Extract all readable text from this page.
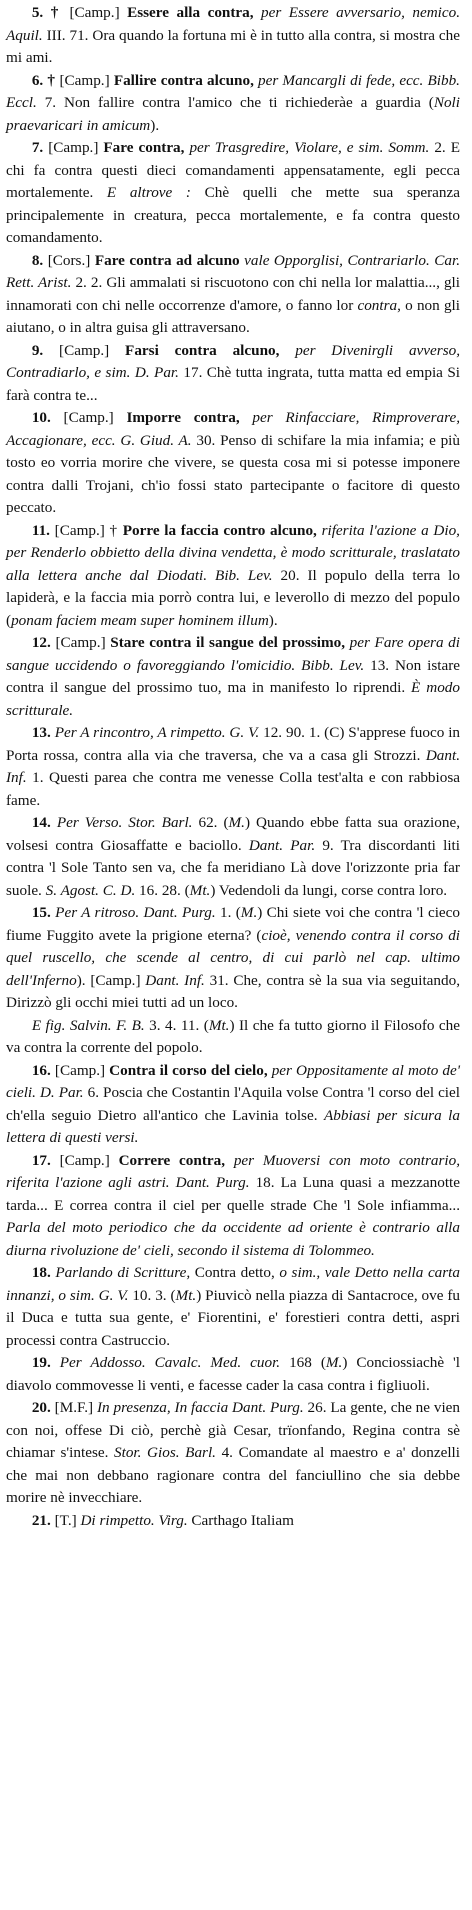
5. † [Camp.] Essere alla contra, per Essere avversario, nemico. Aquil. III. 71. Ora quando la fortuna mi è in tutto alla contra, si mostra che mi ami.

6. † [Camp.] Fallire contra alcuno, per Mancargli di fede, ecc. Bibb. Eccl. 7. Non fallire contra l'amico che ti richiederàe a guardia (Noli praevaricari in amicum).

7. [Camp.] Fare contra, per Trasgredire, Violare, e sim. Somm. 2. E chi fa contra questi dieci comandamenti appensatamente, egli pecca mortalemente. E altrove : Chè quelli che mette sua speranza principalemente in creatura, pecca mortalemente, e fa contra questo comandamento.

8. [Cors.] Fare contra ad alcuno vale Opporglisi, Contrariarlo. Car. Rett. Arist. 2. 2. Gli ammalati si riscuotono con chi nella lor malattia..., gli innamorati con chi nelle occorrenze d'amore, o fanno lor contra, o non gli aiutano, o in altra guisa gli attraversano.

9. [Camp.] Farsi contra alcuno, per Divenirgli avverso, Contradiarlo, e sim. D. Par. 17. Chè tutta ingrata, tutta matta ed empia Si farà contra te...

10. [Camp.] Imporre contra, per Rinfacciare, Rimproverare, Accagionare, ecc. G. Giud. A. 30. Penso di schifare la mia infamia; e più tosto eo vorria morire che vivere, se questa cosa mi si potesse imponere contra dalli Trojani, ch'io fossi stato partecipante o facitore di questo peccato.

11. [Camp.] † Porre la faccia contro alcuno, riferita l'azione a Dio, per Renderlo obbietto della divina vendetta, è modo scritturale, traslatato alla lettera anche dal Diodati. Bib. Lev. 20. Il populo della terra lo lapiderà, e la faccia mia porrò contra lui, e leverollo di mezzo del populo (ponam faciem meam super hominem illum).

12. [Camp.] Stare contra il sangue del prossimo, per Fare opera di sangue uccidendo o favoreggiando l'omicidio. Bibb. Lev. 13. Non istare contra il sangue del prossimo tuo, ma in manifesto lo riprendi. È modo scritturale.

13. Per A rincontro, A rimpetto. G. V. 12. 90. 1. (C) S'apprese fuoco in Porta rossa, contra alla via che traversa, che va a casa gli Strozzi. Dant. Inf. 1. Questi parea che contra me venesse Colla test'alta e con rabbiosa fame.

14. Per Verso. Stor. Barl. 62. (M.) Quando ebbe fatta sua orazione, volsesi contra Giosaffatte e baciollo. Dant. Par. 9. Tra discordanti liti contra 'l Sole Tanto sen va, che fa meridiano Là dove l'orizzonte pria far suole. S. Agost. C. D. 16. 28. (Mt.) Vedendoli da lungi, corse contra loro.

15. Per A ritroso. Dant. Purg. 1. (M.) Chi siete voi che contra 'l cieco fiume Fuggito avete la prigione eterna? (cioè, venendo contra il corso di quel ruscello, che scende al centro, di cui parlò nel cap. ultimo dell'Inferno). [Camp.] Dant. Inf. 31. Che, contra sè la sua via seguitando, Dirizzò gli occhi miei tutti ad un loco.

E fig. Salvin. F. B. 3. 4. 11. (Mt.) Il che fa tutto giorno il Filosofo che va contra la corrente del popolo.

16. [Camp.] Contra il corso del cielo, per Oppositamente al moto de' cieli. D. Par. 6. Poscia che Costantin l'Aquila volse Contra 'l corso del ciel ch'ella seguio Dietro all'antico che Lavinia tolse. Abbiasi per sicura la lettera di questi versi.

17. [Camp.] Correre contra, per Muoversi con moto contrario, riferita l'azione agli astri. Dant. Purg. 18. La Luna quasi a mezzanotte tarda... E correa contra il ciel per quelle strade Che 'l Sole infiamma... Parla del moto periodico che da occidente ad oriente è contrario alla diurna rivoluzione de' cieli, secondo il sistema di Tolommeo.

18. Parlando di Scritture, Contra detto, o sim., vale Detto nella carta innanzi, o sim. G. V. 10. 3. (Mt.) Piuvicò nella piazza di Santacroce, ove fu il Duca e tutta sua gente, e' Fiorentini, e' forestieri contra detti, aspri processi contra Castruccio.

19. Per Addosso. Cavalc. Med. cuor. 168 (M.) Conciossiachè 'l diavolo commovesse li venti, e facesse cader la casa contra i figliuoli.

20. [M.F.] In presenza, In faccia Dant. Purg. 26. La gente, che ne vien con noi, offese Di ciò, perchè già Cesar, trïonfando, Regina contra sè chiamar s'intese. Stor. Gios. Barl. 4. Comandate al maestro e a' donzelli che mai non debbano ragionare contra del fanciullino che sia debbe morire nè invecchiare.

21. [T.] Di rimpetto. Virg. Carthago Italiam
